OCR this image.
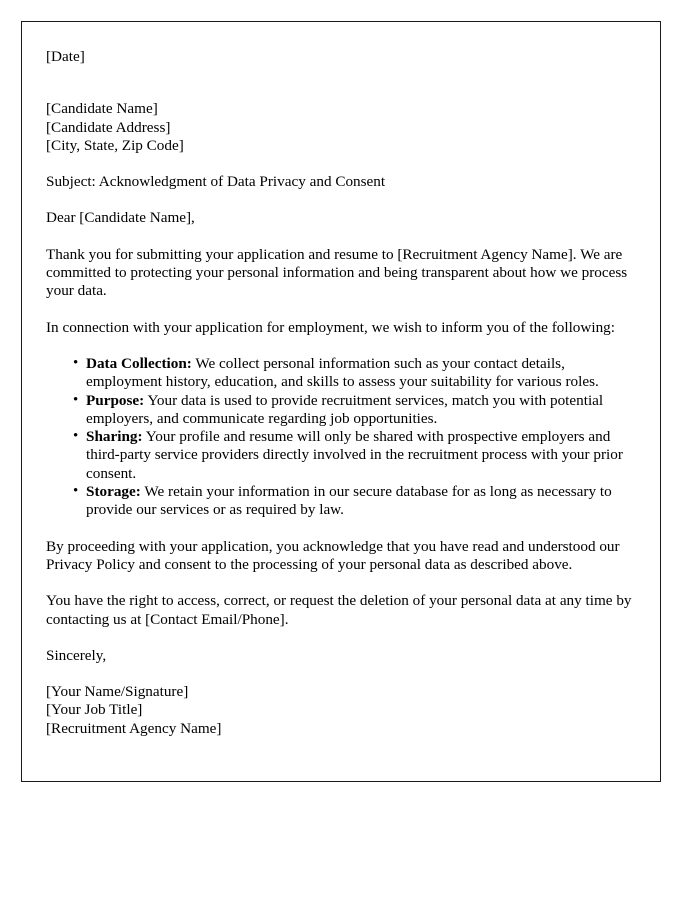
[Date]
[Candidate Name]
[Candidate Address]
[City, State, Zip Code]

Subject: Acknowledgment of Data Privacy and Consent

Dear [Candidate Name],

Thank you for submitting your application and resume to [Recruitment Agency Name]. We are committed to protecting your personal information and being transparent about how we process your data.

In connection with your application for employment, we wish to inform you of the following:

• Data Collection: We collect personal information such as your contact details, employment history, education, and skills to assess your suitability for various roles.
• Purpose: Your data is used to provide recruitment services, match you with potential employers, and communicate regarding job opportunities.
• Sharing: Your profile and resume will only be shared with prospective employers and third-party service providers directly involved in the recruitment process with your prior consent.
• Storage: We retain your information in our secure database for as long as necessary to provide our services or as required by law.

By proceeding with your application, you acknowledge that you have read and understood our Privacy Policy and consent to the processing of your personal data as described above.

You have the right to access, correct, or request the deletion of your personal data at any time by contacting us at [Contact Email/Phone].

Sincerely,

[Your Name/Signature]
[Your Job Title]
[Recruitment Agency Name]
